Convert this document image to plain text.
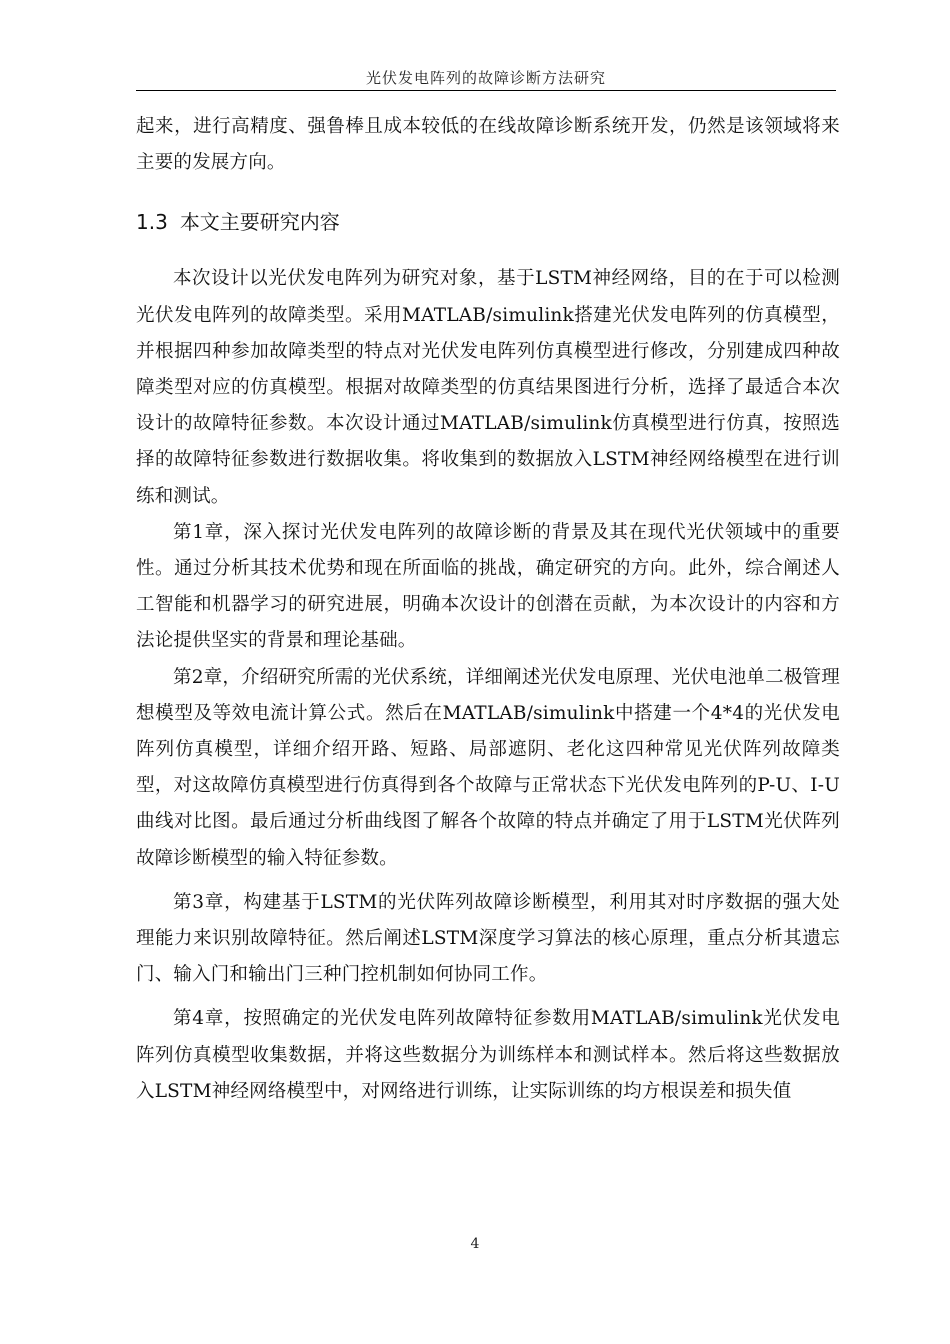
光伏发电阵列的故障诊断方法研究

起来，进行高精度、强鲁棒且成本较低的在线故障诊断系统开发，仍然是该领域将来主要的发展方向。

1.3 本文主要研究内容

本次设计以光伏发电阵列为研究对象，基于LSTM神经网络，目的在于可以检测光伏发电阵列的故障类型。采用MATLAB/simulink搭建光伏发电阵列的仿真模型，并根据四种参加故障类型的特点对光伏发电阵列仿真模型进行修改，分别建成四种故障类型对应的仿真模型。根据对故障类型的仿真结果图进行分析，选择了最适合本次设计的故障特征参数。本次设计通过MATLAB/simulink仿真模型进行仿真，按照选择的故障特征参数进行数据收集。将收集到的数据放入LSTM神经网络模型在进行训练和测试。

第1章，深入探讨光伏发电阵列的故障诊断的背景及其在现代光伏领域中的重要性。通过分析其技术优势和现在所面临的挑战，确定研究的方向。此外，综合阐述人工智能和机器学习的研究进展，明确本次设计的创潜在贡献，为本次设计的内容和方法论提供坚实的背景和理论基础。

第2章，介绍研究所需的光伏系统，详细阐述光伏发电原理、光伏电池单二极管理想模型及等效电流计算公式。然后在MATLAB/simulink中搭建一个4*4的光伏发电阵列仿真模型，详细介绍开路、短路、局部遮阴、老化这四种常见光伏阵列故障类型，对这故障仿真模型进行仿真得到各个故障与正常状态下光伏发电阵列的P-U、I-U曲线对比图。最后通过分析曲线图了解各个故障的特点并确定了用于LSTM光伏阵列故障诊断模型的输入特征参数。

第3章，构建基于LSTM的光伏阵列故障诊断模型，利用其对时序数据的强大处理能力来识别故障特征。然后阐述LSTM深度学习算法的核心原理，重点分析其遗忘门、输入门和输出门三种门控机制如何协同工作。

第4章，按照确定的光伏发电阵列故障特征参数用MATLAB/simulink光伏发电阵列仿真模型收集数据，并将这些数据分为训练样本和测试样本。然后将这些数据放入LSTM神经网络模型中，对网络进行训练，让实际训练的均方根误差和损失值

4
